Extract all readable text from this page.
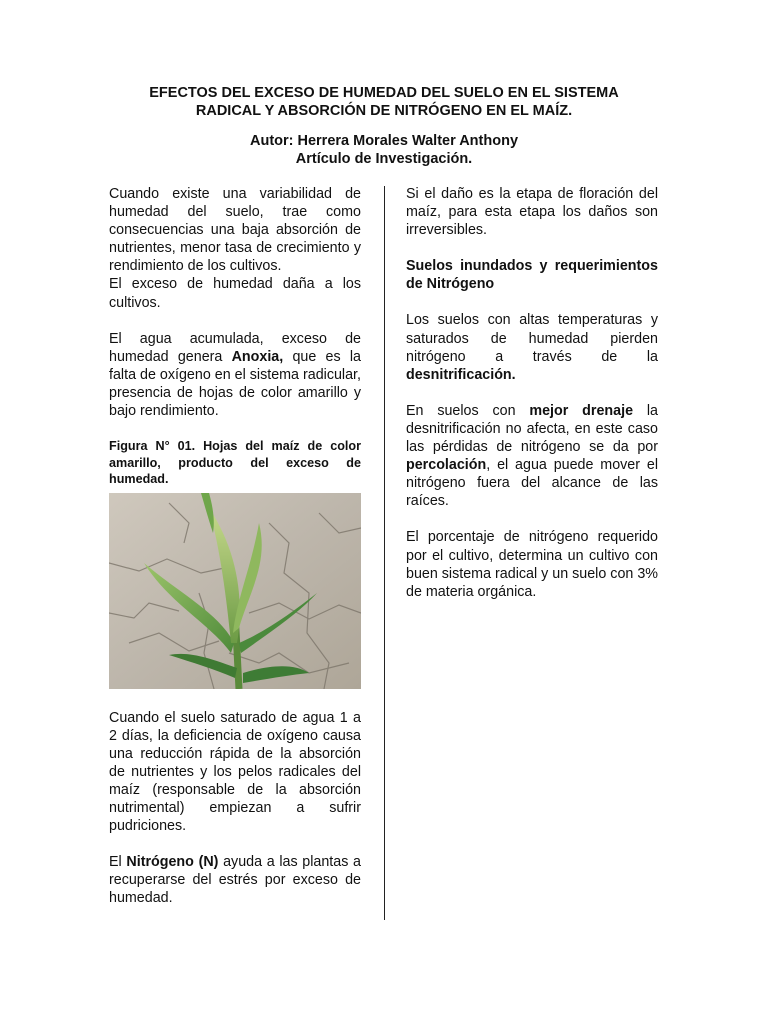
EFECTOS DEL EXCESO DE HUMEDAD DEL SUELO EN EL SISTEMA
RADICAL Y ABSORCIÓN DE NITRÓGENO EN EL MAÍZ.
Autor: Herrera Morales Walter Anthony
Artículo de Investigación.

Cuando existe una variabilidad de humedad del suelo, trae como consecuencias una baja absorción de nutrientes, menor tasa de crecimiento y rendimiento de los cultivos.

El exceso de humedad daña a los cultivos.

El agua acumulada, exceso de humedad genera Anoxia, que es la falta de oxígeno en el sistema radicular, presencia de hojas de color amarillo y bajo rendimiento.

Figura N° 01. Hojas del maíz de color amarillo, producto del exceso de humedad.

Cuando el suelo saturado de agua 1 a 2 días, la deficiencia de oxígeno causa una reducción rápida de la absorción de nutrientes y los pelos radicales del maíz (responsable de la absorción nutrimental) empiezan a sufrir pudriciones.

El Nitrógeno (N) ayuda a las plantas a recuperarse del estrés por exceso de humedad.

Si el daño es la etapa de floración del maíz, para esta etapa los daños son irreversibles.

Suelos inundados y requerimientos de Nitrógeno

Los suelos con altas temperaturas y saturados de humedad pierden nitrógeno a través de la desnitrificación.

En suelos con mejor drenaje la desnitrificación no afecta, en este caso las pérdidas de nitrógeno se da por percolación, el agua puede mover el nitrógeno fuera del alcance de las raíces.

El porcentaje de nitrógeno requerido por el cultivo, determina un cultivo con buen sistema radical y un suelo con 3% de materia orgánica.
